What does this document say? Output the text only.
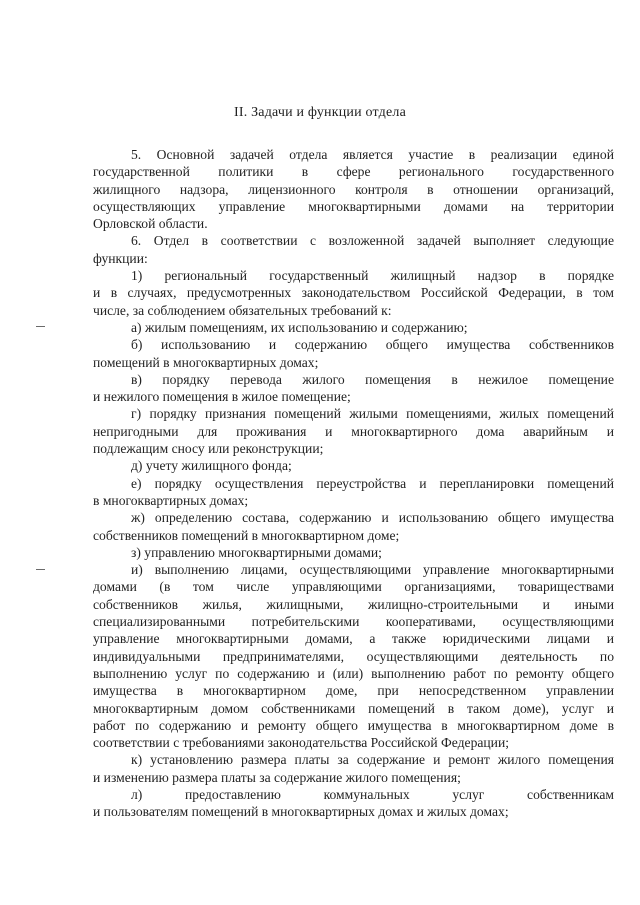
II. Задачи и функции отдела
5. Основной задачей отдела является участие в реализации единой
государственной политики в сфере регионального государственного
жилищного надзора, лицензионного контроля в отношении организаций,
осуществляющих управление многоквартирными домами на территории
Орловской области.
6. Отдел в соответствии с возложенной задачей выполняет следующие
функции:
1) региональный государственный жилищный надзор в порядке
и в случаях, предусмотренных законодательством Российской Федерации, в том
числе, за соблюдением обязательных требований к:
а) жилым помещениям, их использованию и содержанию;
б) использованию и содержанию общего имущества собственников
помещений в многоквартирных домах;
в) порядку перевода жилого помещения в нежилое помещение
и нежилого помещения в жилое помещение;
г) порядку признания помещений жилыми помещениями, жилых помещений
непригодными для проживания и многоквартирного дома аварийным и
подлежащим сносу или реконструкции;
д) учету жилищного фонда;
е) порядку осуществления переустройства и перепланировки помещений
в многоквартирных домах;
ж) определению состава, содержанию и использованию общего имущества
собственников помещений в многоквартирном доме;
з) управлению многоквартирными домами;
и) выполнению лицами, осуществляющими управление многоквартирными
домами (в том числе управляющими организациями, товариществами
собственников жилья, жилищными, жилищно-строительными и иными
специализированными потребительскими кооперативами, осуществляющими
управление многоквартирными домами, а также юридическими лицами и
индивидуальными предпринимателями, осуществляющими деятельность по
выполнению услуг по содержанию и (или) выполнению работ по ремонту общего
имущества в многоквартирном доме, при непосредственном управлении
многоквартирным домом собственниками помещений в таком доме), услуг и
работ по содержанию и ремонту общего имущества в многоквартирном доме в
соответствии с требованиями законодательства Российской Федерации;
к) установлению размера платы за содержание и ремонт жилого помещения
и изменению размера платы за содержание жилого помещения;
л) предоставлению коммунальных услуг собственникам
и пользователям помещений в многоквартирных домах и жилых домах;
